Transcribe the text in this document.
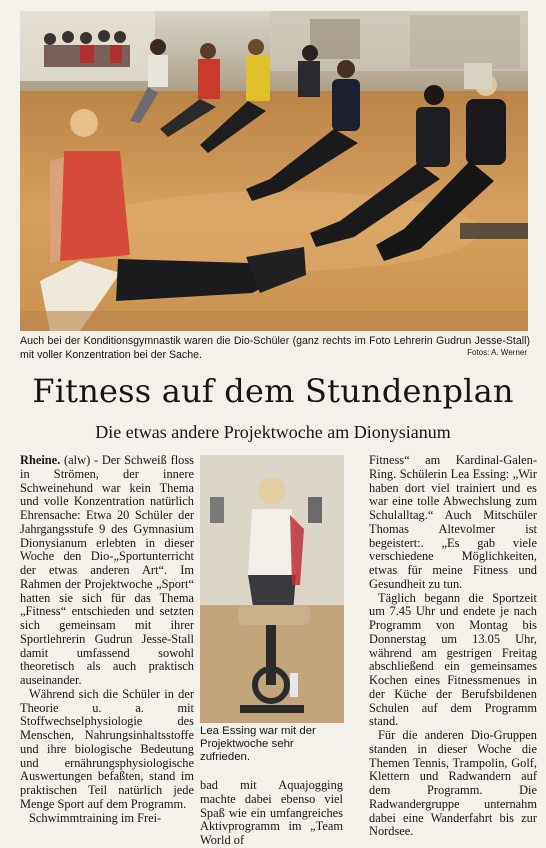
Auch bei der Konditionsgymnastik waren die Dio-Schüler (ganz rechts im Foto Lehrerin Gudrun Jesse-Stall) mit voller Konzentration bei der Sache.	Fotos: A. Werner
Fitness auf dem Stundenplan
Die etwas andere Projektwoche am Dionysianum

Rheine. (alw) - Der Schweiß floss in Strömen, der innere Schweinehund war kein Thema und volle Konzentration natürlich Ehrensache: Etwa 20 Schüler der Jahrgangsstufe 9 des Gymnasium Dionysianum erlebten in dieser Woche den Dio-„Sportunterricht der etwas anderen Art“. Im Rahmen der Projektwoche „Sport“ hatten sie sich für das Thema „Fitness“ entschieden und setzten sich gemeinsam mit ihrer Sportlehrerin Gudrun Jesse-Stall damit umfassend sowohl theoretisch als auch praktisch auseinander.

Während sich die Schüler in der Theorie u. a. mit Stoffwechselphysiologie des Menschen, Nahrungsinhaltsstoffe und ihre biologische Bedeutung und ernährungsphysiologische Auswertungen befaßten, stand im praktischen Teil natürlich jede Menge Sport auf dem Programm.

Schwimmtraining im Frei-

Lea Essing war mit der Projektwoche sehr zufrieden.

bad mit Aquajogging machte dabei ebenso viel Spaß wie ein umfangreiches Aktivprogramm im „Team World of

Fitness“ am Kardinal-Galen-Ring. Schülerin Lea Essing: „Wir haben dort viel trainiert und es war eine tolle Abwechslung zum Schulalltag.“ Auch Mitschüler Thomas Altevolmer ist begeistert:. „Es gab viele verschiedene Möglichkeiten, etwas für meine Fitness und Gesundheit zu tun.

Täglich begann die Sportzeit um 7.45 Uhr und endete je nach Programm von Montag bis Donnerstag um 13.05 Uhr, während am gestrigen Freitag abschließend ein gemeinsames Kochen eines Fitnessmenues in der Küche der Berufsbildenen Schulen auf dem Programm stand.

Für die anderen Dio-Gruppen standen in dieser Woche die Themen Tennis, Trampolin, Golf, Klettern und Radwandern auf dem Programm. Die Radwandergruppe unternahm dabei eine Wanderfahrt bis zur Nordsee.
